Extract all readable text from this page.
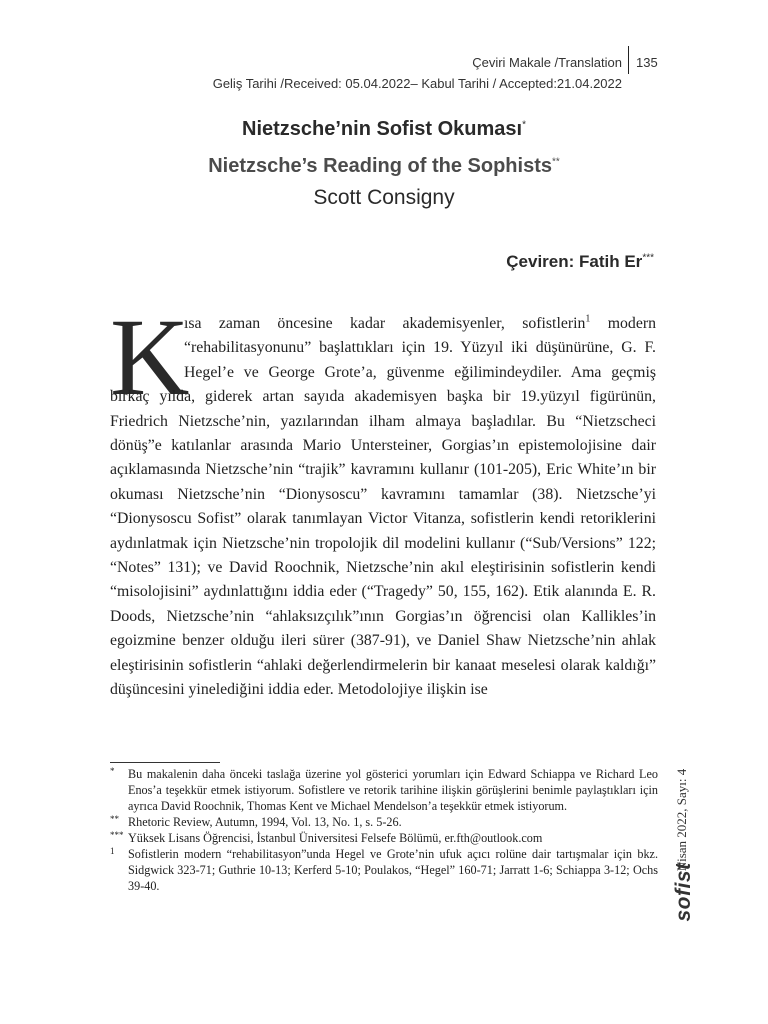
Çeviri Makale /Translation 135
Geliş Tarihi /Received: 05.04.2022– Kabul Tarihi / Accepted:21.04.2022
Nietzsche’nin Sofist Okuması*
Nietzsche’s Reading of the Sophists**
Scott Consigny
Çeviren: Fatih Er***
K

ısa zaman öncesine kadar akademisyenler, sofistlerin$^1$ modern “rehabilitasyonunu” başlattıkları için 19. Yüzyıl iki düşünürüne, G. F. Hegel’e ve George Grote’a, güvenme eğilimindeydiler. Ama geçmiş birkaç yılda, giderek artan sayıda akademisyen başka bir 19.yüzyıl figürünün, Friedrich Nietzsche’nin, yazılarından ilham almaya başladılar. Bu “Nietzscheci dönüş”e katılanlar arasında Mario Untersteiner, Gorgias’ın epistemolojisine dair açıklamasında Nietzsche’nin “trajik” kavramını kullanır (101-205), Eric White’ın bir okuması Nietzsche’nin “Dionysoscu” kavramını tamamlar (38). Nietzsche’yi “Dionysoscu Sofist” olarak tanımlayan Victor Vitanza, sofistlerin kendi retoriklerini aydınlatmak için Nietzsche’nin tropolojik dil modelini kullanır (“Sub/Versions” 122; “Notes” 131); ve David Roochnik, Nietzsche’nin akıl eleştirisinin sofistlerin kendi “misolojisini” aydınlattığını iddia eder (“Tragedy” 50, 155, 162). Etik alanında E. R. Doods, Nietzsche’nin “ahlaksızçılık”ının Gorgias’ın öğrencisi olan Kallikles’in egoizmine benzer olduğu ileri sürer (387-91), ve Daniel Shaw Nietzsche’nin ahlak eleştirisinin sofistlerin “ahlaki değerlendirmelerin bir kanaat meselesi olarak kaldığı” düşüncesini yinelediğini iddia eder. Metodolojiye ilişkin ise

* Bu makalenin daha önceki taslağa üzerine yol gösterici yorumları için Edward Schiappa ve Richard Leo Enos’a teşekkür etmek istiyorum. Sofistlere ve retorik tarihine ilişkin görüşlerini benimle paylaştıkları için ayrıca David Roochnik, Thomas Kent ve Michael Mendelson’a teşekkür etmek istiyorum.
** Rhetoric Review, Autumn, 1994, Vol. 13, No. 1, s. 5-26.
*** Yüksek Lisans Öğrencisi, İstanbul Üniversitesi Felsefe Bölümü, er.fth@outlook.com
1 Sofistlerin modern “rehabilitasyon”unda Hegel ve Grote’nin ufuk açıcı rolüne dair tartışmalar için bkz. Sidgwick 323-71; Guthrie 10-13; Kerferd 5-10; Poulakos, “Hegel” 160-71; Jarratt 1-6; Schiappa 3-12; Ochs 39-40.
Nisan 2022, Sayı: 4
sofist
